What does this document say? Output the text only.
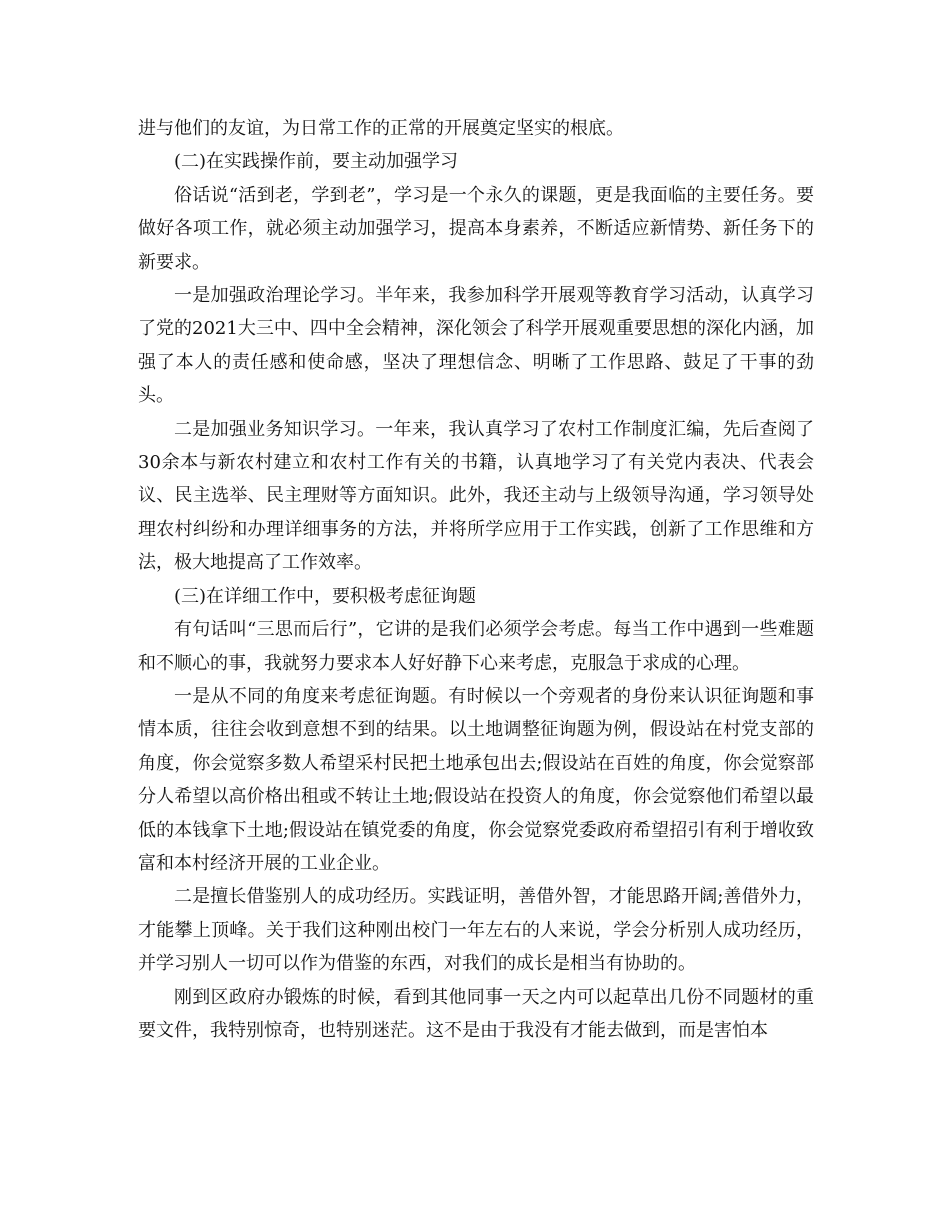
进与他们的友谊，为日常工作的正常的开展奠定坚实的根底。

(二)在实践操作前，要主动加强学习

俗话说“活到老，学到老”，学习是一个永久的课题，更是我面临的主要任务。要做好各项工作，就必须主动加强学习，提高本身素养，不断适应新情势、新任务下的新要求。

一是加强政治理论学习。半年来，我参加科学开展观等教育学习活动，认真学习了党的2021大三中、四中全会精神，深化领会了科学开展观重要思想的深化内涵，加强了本人的责任感和使命感，坚决了理想信念、明晰了工作思路、鼓足了干事的劲头。

二是加强业务知识学习。一年来，我认真学习了农村工作制度汇编，先后查阅了30余本与新农村建立和农村工作有关的书籍，认真地学习了有关党内表决、代表会议、民主选举、民主理财等方面知识。此外，我还主动与上级领导沟通，学习领导处理农村纠纷和办理详细事务的方法，并将所学应用于工作实践，创新了工作思维和方法，极大地提高了工作效率。

(三)在详细工作中，要积极考虑征询题

有句话叫“三思而后行”，它讲的是我们必须学会考虑。每当工作中遇到一些难题和不顺心的事，我就努力要求本人好好静下心来考虑，克服急于求成的心理。

一是从不同的角度来考虑征询题。有时候以一个旁观者的身份来认识征询题和事情本质，往往会收到意想不到的结果。以土地调整征询题为例，假设站在村党支部的角度，你会觉察多数人希望采村民把土地承包出去;假设站在百姓的角度，你会觉察部分人希望以高价格出租或不转让土地;假设站在投资人的角度，你会觉察他们希望以最低的本钱拿下土地;假设站在镇党委的角度，你会觉察党委政府希望招引有利于增收致富和本村经济开展的工业企业。

二是擅长借鉴别人的成功经历。实践证明，善借外智，才能思路开阔;善借外力，才能攀上顶峰。关于我们这种刚出校门一年左右的人来说，学会分析别人成功经历，并学习别人一切可以作为借鉴的东西，对我们的成长是相当有协助的。

刚到区政府办锻炼的时候，看到其他同事一天之内可以起草出几份不同题材的重要文件，我特别惊奇，也特别迷茫。这不是由于我没有才能去做到，而是害怕本
